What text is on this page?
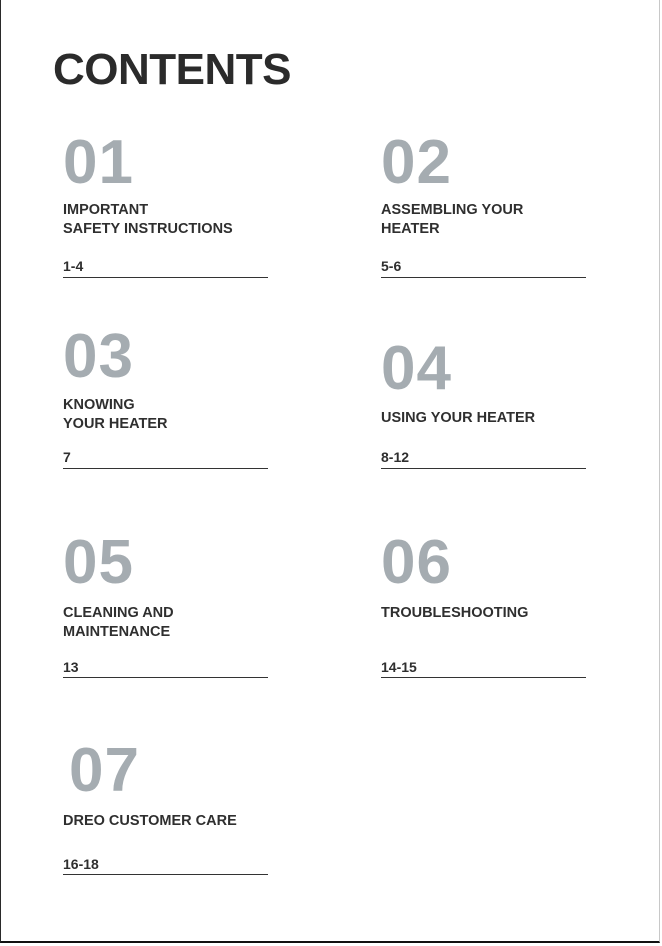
CONTENTS
01
IMPORTANT
SAFETY INSTRUCTIONS
1-4
02
ASSEMBLING YOUR
HEATER
5-6
03
KNOWING
YOUR HEATER
7
04
USING YOUR HEATER
8-12
05
CLEANING AND
MAINTENANCE
13
06
TROUBLESHOOTING
14-15
07
DREO CUSTOMER CARE
16-18
